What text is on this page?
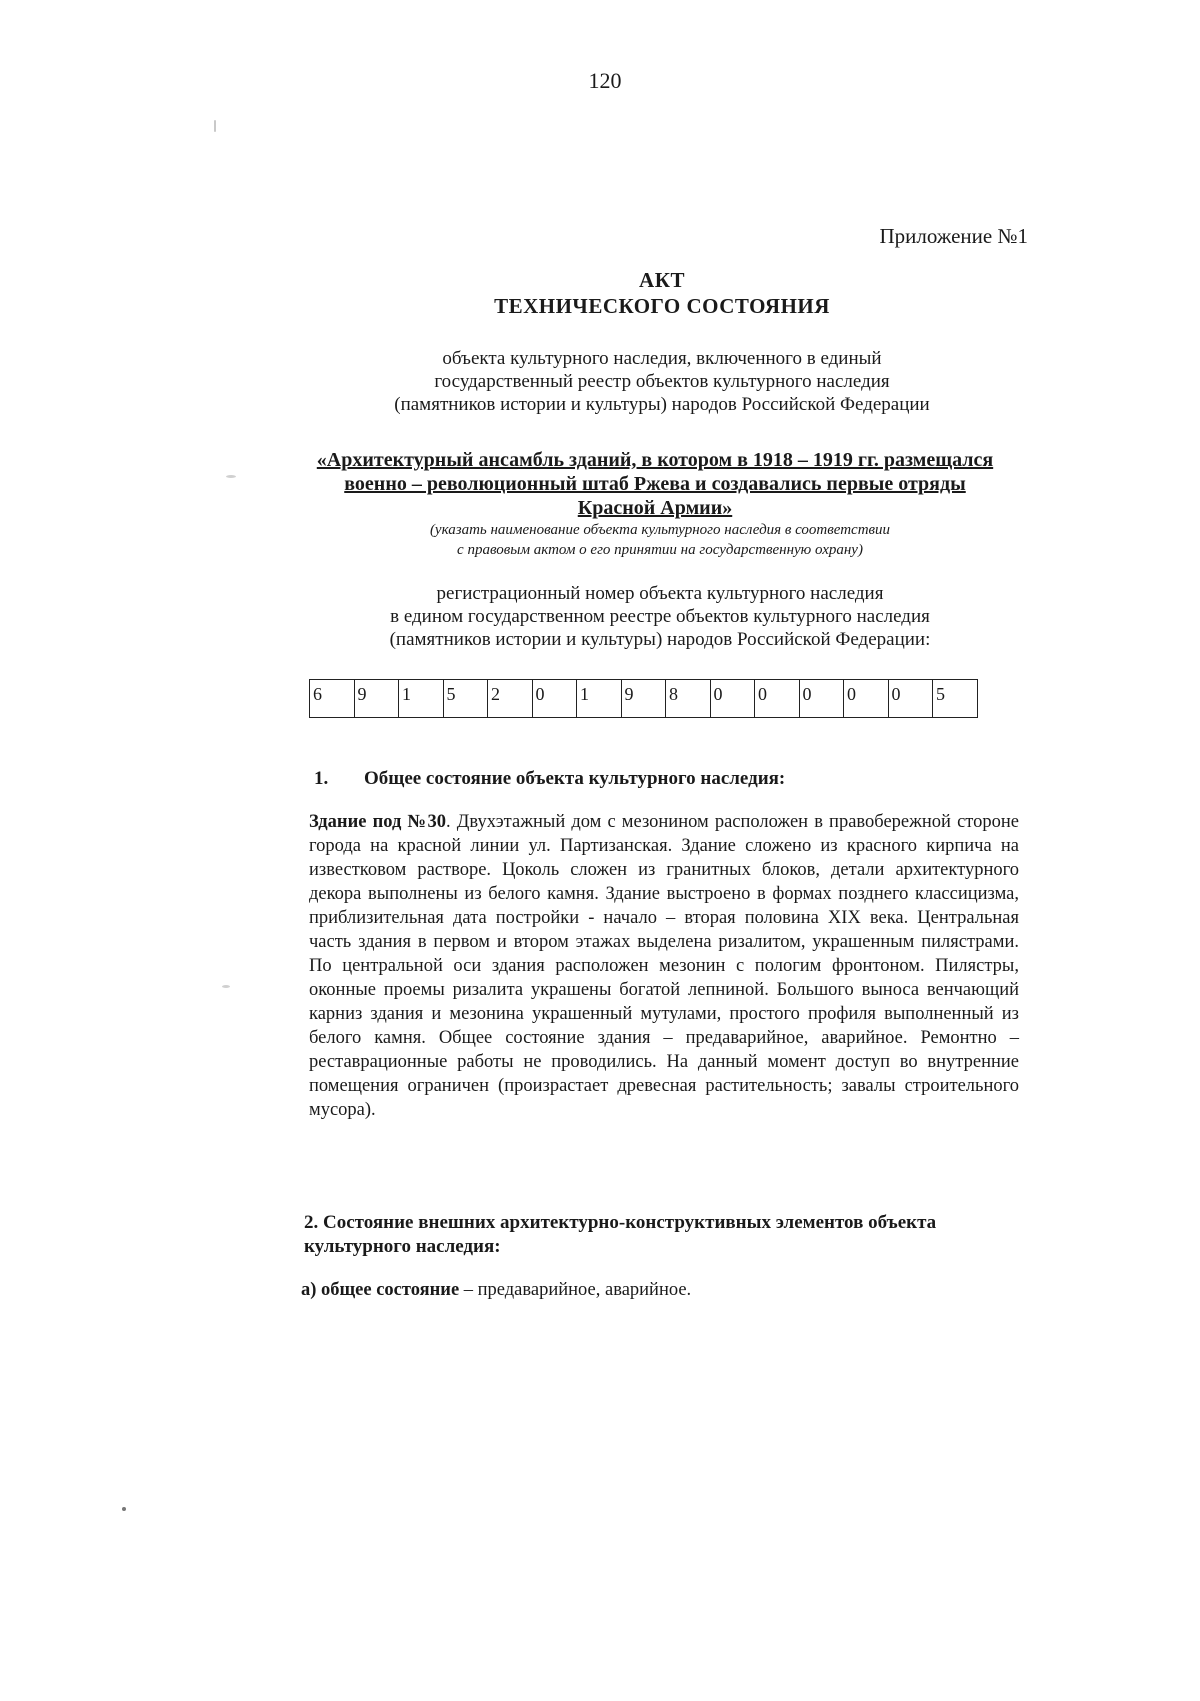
120
Приложение №1
АКТ
ТЕХНИЧЕСКОГО СОСТОЯНИЯ
объекта культурного наследия, включенного в единый
государственный реестр объектов культурного наследия
(памятников истории и культуры) народов Российской Федерации
«Архитектурный ансамбль зданий, в котором в 1918 – 1919 гг. размещался
военно – революционный штаб Ржева и создавались первые отряды
Красной Армии»
(указать наименование объекта культурного наследия в соответствии
с правовым актом о его принятии на государственную охрану)
регистрационный номер объекта культурного наследия
в едином государственном реестре объектов культурного наследия
(памятников истории и культуры) народов Российской Федерации:
6	9	1	5	2	0	1	9	8	0	0	0	0	0	5
1. Общее состояние объекта культурного наследия:
Здание под №30. Двухэтажный дом с мезонином расположен в правобережной стороне города на красной линии ул. Партизанская. Здание сложено из красного кирпича на известковом растворе. Цоколь сложен из гранитных блоков, детали архитектурного декора выполнены из белого камня. Здание выстроено в формах позднего классицизма, приблизительная дата постройки - начало – вторая половина XIX века. Центральная часть здания в первом и втором этажах выделена ризалитом, украшенным пилястрами. По центральной оси здания расположен мезонин с пологим фронтоном. Пилястры, оконные проемы ризалита украшены богатой лепниной. Большого выноса венчающий карниз здания и мезонина украшенный мутулами, простого профиля выполненный из белого камня. Общее состояние здания – предаварийное, аварийное. Ремонтно – реставрационные работы не проводились. На данный момент доступ во внутренние помещения ограничен (произрастает древесная растительность; завалы строительного мусора).
2. Состояние внешних архитектурно-конструктивных элементов объекта культурного наследия:
а) общее состояние – предаварийное, аварийное.
